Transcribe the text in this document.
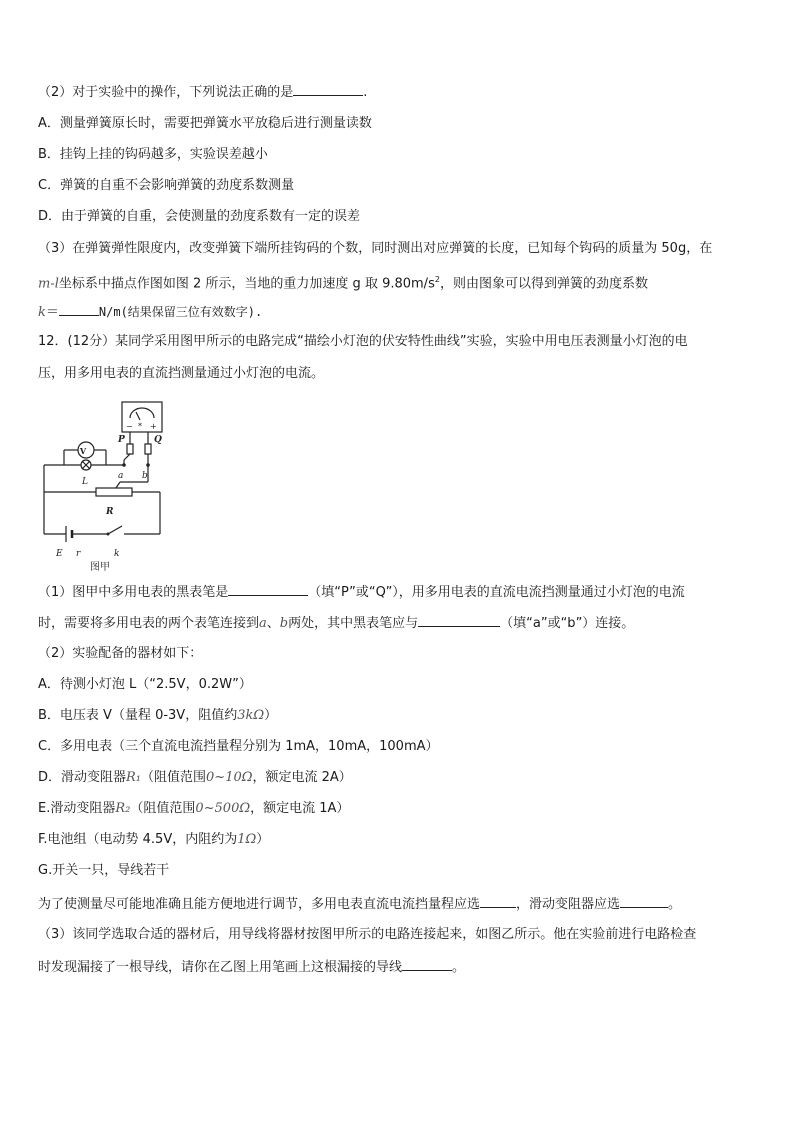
（2）对于实验中的操作，下列说法正确的是	.
A．测量弹簧原长时，需要把弹簧水平放稳后进行测量读数
B．挂钩上挂的钩码越多，实验误差越小
C．弹簧的自重不会影响弹簧的劲度系数测量
D．由于弹簧的自重，会使测量的劲度系数有一定的误差
（3）在弹簧弹性限度内，改变弹簧下端所挂钩码的个数，同时测出对应弹簧的长度，已知每个钩码的质量为 50g，在
m-l坐标系中描点作图如图 2 所示，当地的重力加速度 g 取 $9.80m/s^2$，则由图象可以得到弹簧的劲度系数
k＝	N/m(结果保留三位有效数字).
12．(12分）某同学采用图甲所示的电路完成“描绘小灯泡的伏安特性曲线”实验，实验中用电压表测量小灯泡的电
压，用多用电表的直流挡测量通过小灯泡的电流。
V
P	Q
L
a b
R
E r	k
− * +
图甲
（1）图甲中多用电表的黑表笔是	（填“P”或“Q”），用多用电表的直流电流挡测量通过小灯泡的电流
时，需要将多用电表的两个表笔连接到a、b两处，其中黑表笔应与	（填“a”或“b”）连接。
（2）实验配备的器材如下：
A．待测小灯泡 L（“2.5V，0.2W”）
B．电压表 V（量程 0-3V，阻值约3kΩ）
C．多用电表（三个直流电流挡量程分别为 1mA，10mA，100mA）
D．滑动变阻器R₁（阻值范围0~10Ω，额定电流 2A）
E.滑动变阻器R₂（阻值范围0~500Ω，额定电流 1A）
F.电池组（电动势 4.5V，内阻约为1Ω）
G.开关一只，导线若干
为了使测量尽可能地准确且能方便地进行调节，多用电表直流电流挡量程应选	，滑动变阻器应选	。
（3）该同学选取合适的器材后，用导线将器材按图甲所示的电路连接起来，如图乙所示。他在实验前进行电路检查
时发现漏接了一根导线，请你在乙图上用笔画上这根漏接的导线	。
